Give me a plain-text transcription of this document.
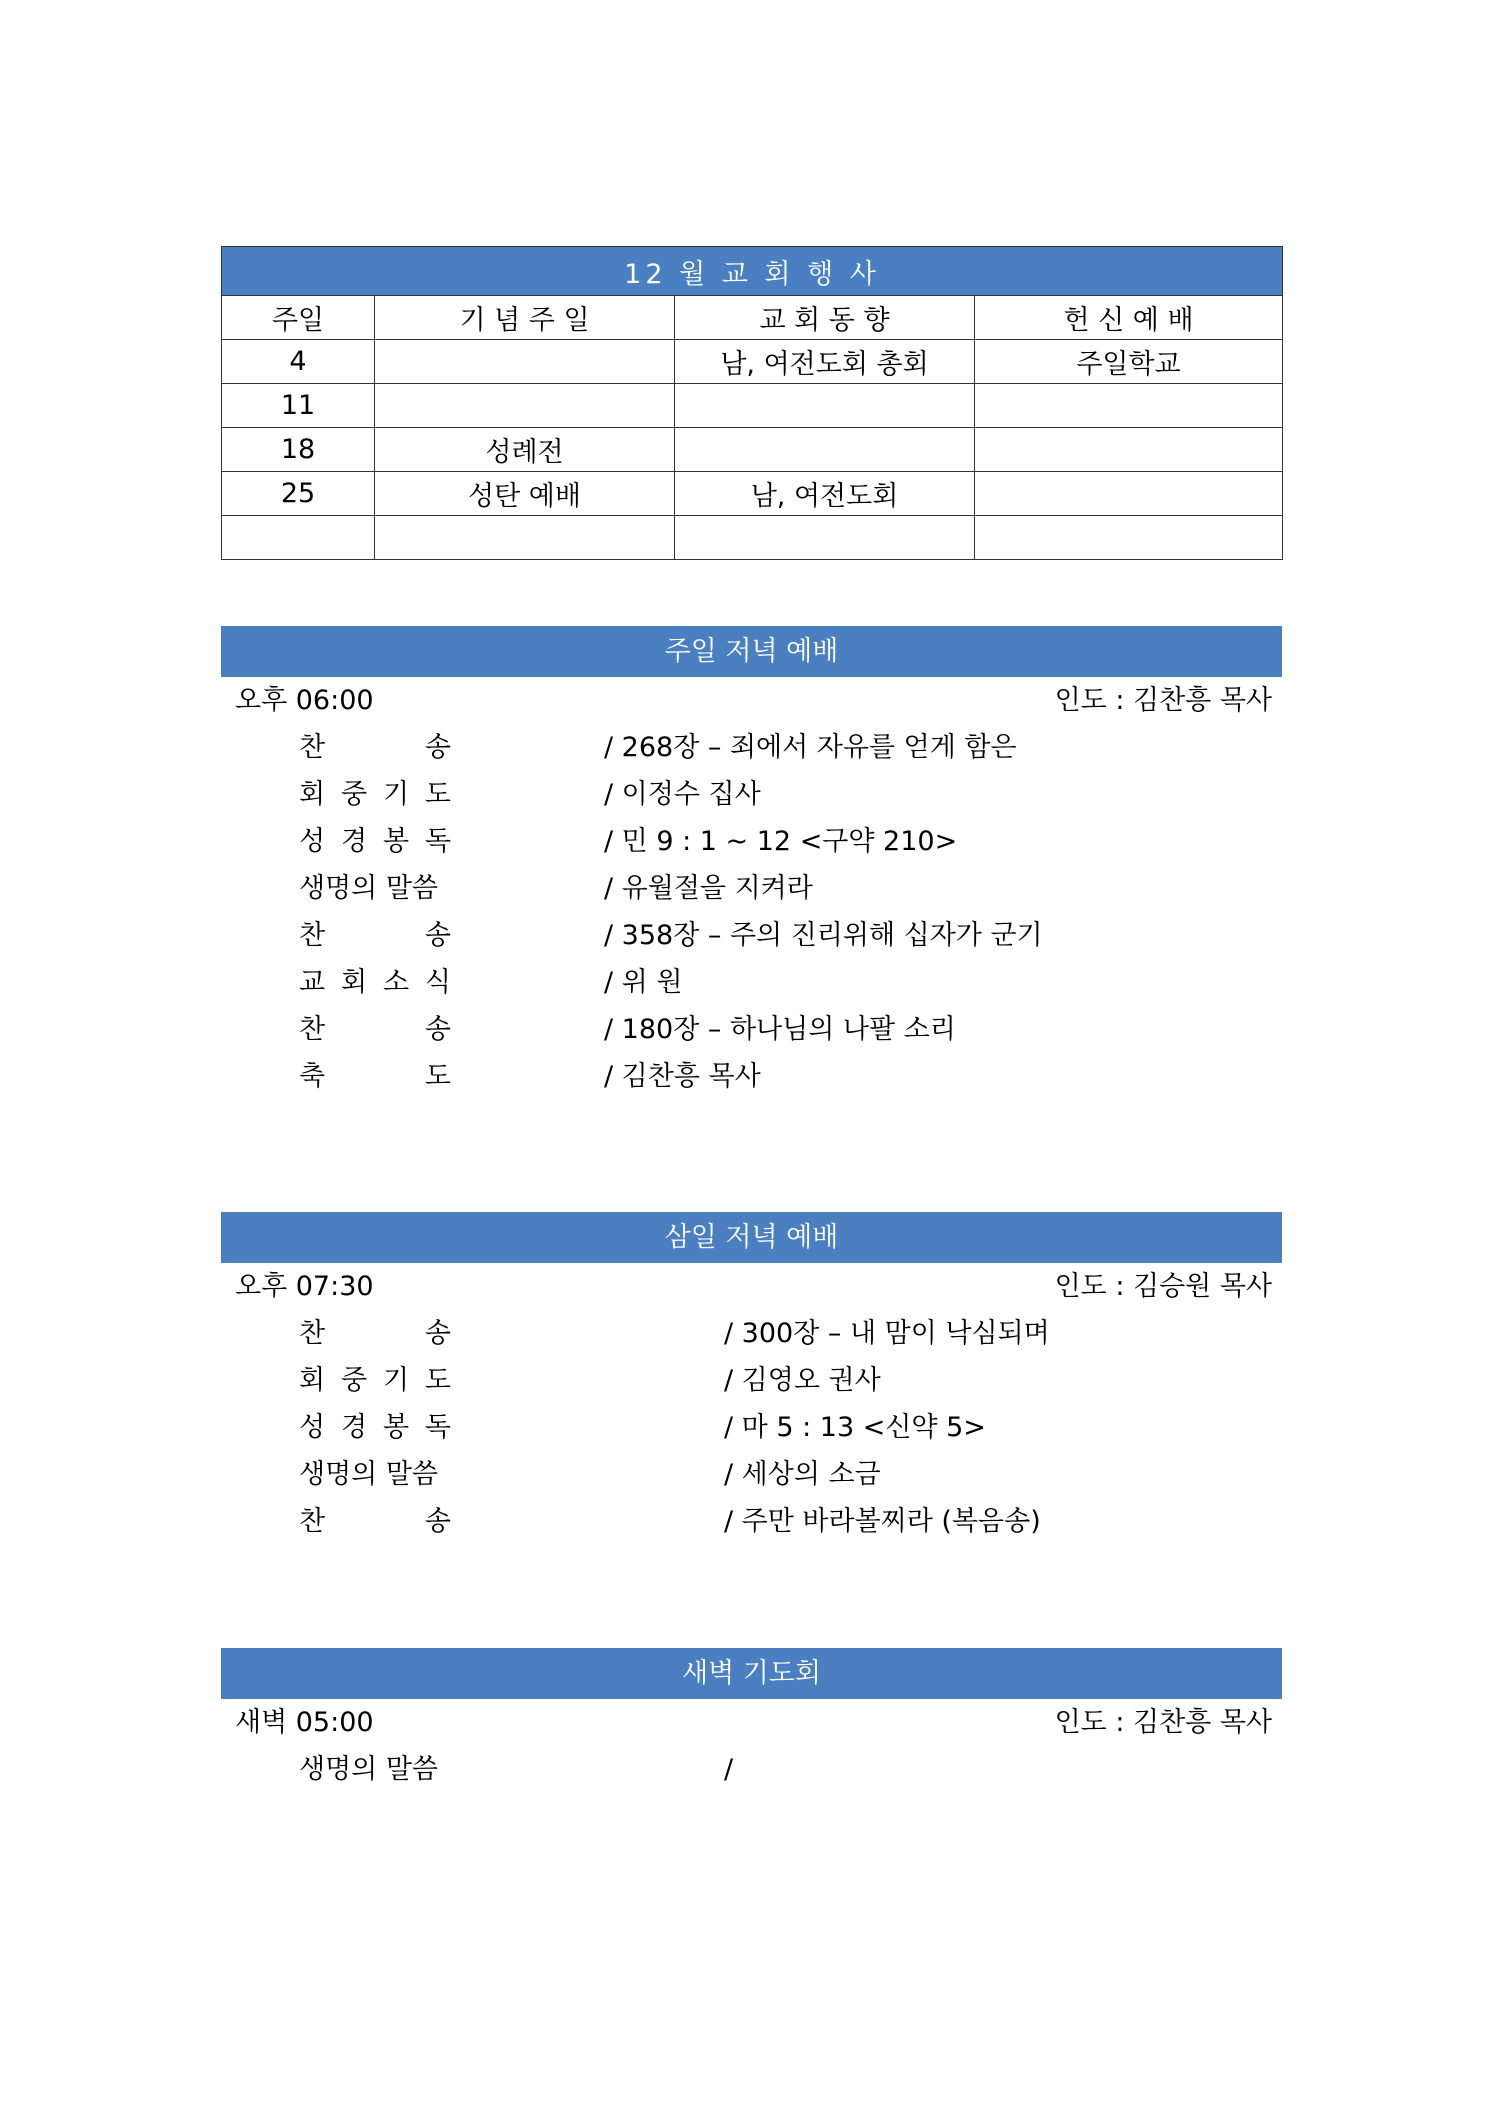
12 월 교 회 행 사			
주일	기 념 주 일	교 회 동 향	헌 신 예 배
4		남, 여전도회 총회	주일학교
11			
18	성례전		
25	성탄 예배	남, 여전도회	

주일 저녁 예배
오후 06:00	인도 : 김찬흥 목사
찬	송	/ 268장 – 죄에서 자유를 얻게 함은
회 중 기 도	/ 이정수 집사
성 경 봉 독	/ 민 9 : 1 ~ 12 <구약 210>
생명의 말씀	/ 유월절을 지켜라
찬	송	/ 358장 – 주의 진리위해 십자가 군기
교 회 소 식	/ 위 원
찬	송	/ 180장 – 하나님의 나팔 소리
축	도	/ 김찬흥 목사
삼일 저녁 예배
오후 07:30	인도 : 김승원 목사
찬	송	/ 300장 – 내 맘이 낙심되며
회 중 기 도	/ 김영오 권사
성 경 봉 독	/ 마 5 : 13 <신약 5>
생명의 말씀	/ 세상의 소금
찬	송	/ 주만 바라볼찌라 (복음송)
새벽 기도회
새벽 05:00	인도 : 김찬흥 목사
생명의 말씀	/
